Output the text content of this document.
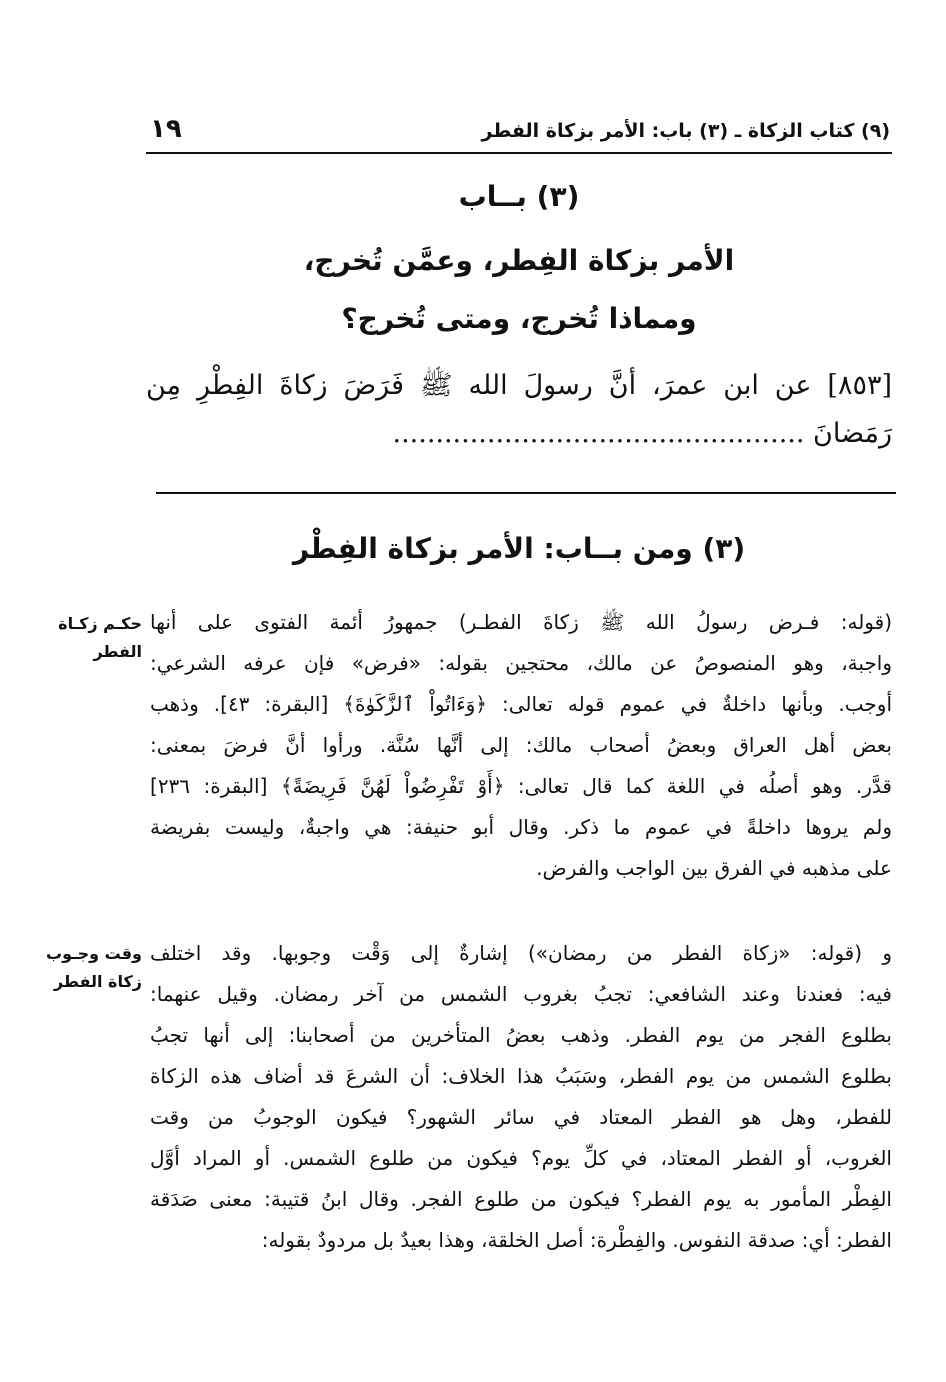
١٩	(٩) كتاب الزكاة ـ (٣) باب: الأمر بزكاة الفطر
(٣) بــاب
الأمر بزكاة الفِطر، وعمَّن تُخرج،
ومماذا تُخرج، ومتى تُخرج؟
[٨٥٣] عن ابن عمرَ، أنَّ رسولَ الله ﷺ فَرَضَ زكاةَ الفِطْرِ مِن
رَمَضانَ ................................................
(٣) ومن بــاب: الأمر بزكاة الفِطْر
(قوله: فـرض رسولُ الله ﷺ زكاةَ الفطـر) جمهورُ أئمة الفتوى على أنها
واجبة، وهو المنصوصُ عن مالك، محتجين بقوله: «فرض» فإن عرفه الشرعي:
أوجب. وبأنها داخلةٌ في عموم قوله تعالى: ﴿وَءَاتُواْ ٱلزَّكَوٰةَ﴾ [البقرة: ٤٣]. وذهب
بعض أهل العراق وبعضُ أصحاب مالك: إلى أنَّها سُنَّة. ورأوا أنَّ فرضَ بمعنى:
قدَّر. وهو أصلُه في اللغة كما قال تعالى: ﴿أَوْ تَفْرِضُواْ لَهُنَّ فَرِيضَةً﴾ [البقرة: ٢٣٦]
ولم يروها داخلةً في عموم ما ذكر. وقال أبو حنيفة: هي واجبةٌ، وليست بفريضة
على مذهبه في الفرق بين الواجب والفرض.
و (قوله: «زكاة الفطر من رمضان») إشارةٌ إلى وَقْت وجوبها. وقد اختلف
فيه: فعندنا وعند الشافعي: تجبُ بغروب الشمس من آخر رمضان. وقيل عنهما:
بطلوع الفجر من يوم الفطر. وذهب بعضُ المتأخرين من أصحابنا: إلى أنها تجبُ
بطلوع الشمس من يوم الفطر، وسَبَبُ هذا الخلاف: أن الشرعَ قد أضاف هذه الزكاة
للفطر، وهل هو الفطر المعتاد في سائر الشهور؟ فيكون الوجوبُ من وقت
الغروب، أو الفطر المعتاد، في كلِّ يوم؟ فيكون من طلوع الشمس. أو المراد أوَّل
الفِطْر المأمور به يوم الفطر؟ فيكون من طلوع الفجر. وقال ابنُ قتيبة: معنى صَدَقة
الفطر: أي: صدقة النفوس. والفِطْرة: أصل الخلقة، وهذا بعيدٌ بل مردودٌ بقوله:
حكـم زكـاة
الفطر
وقت وجـوب
زكاة الفطر
